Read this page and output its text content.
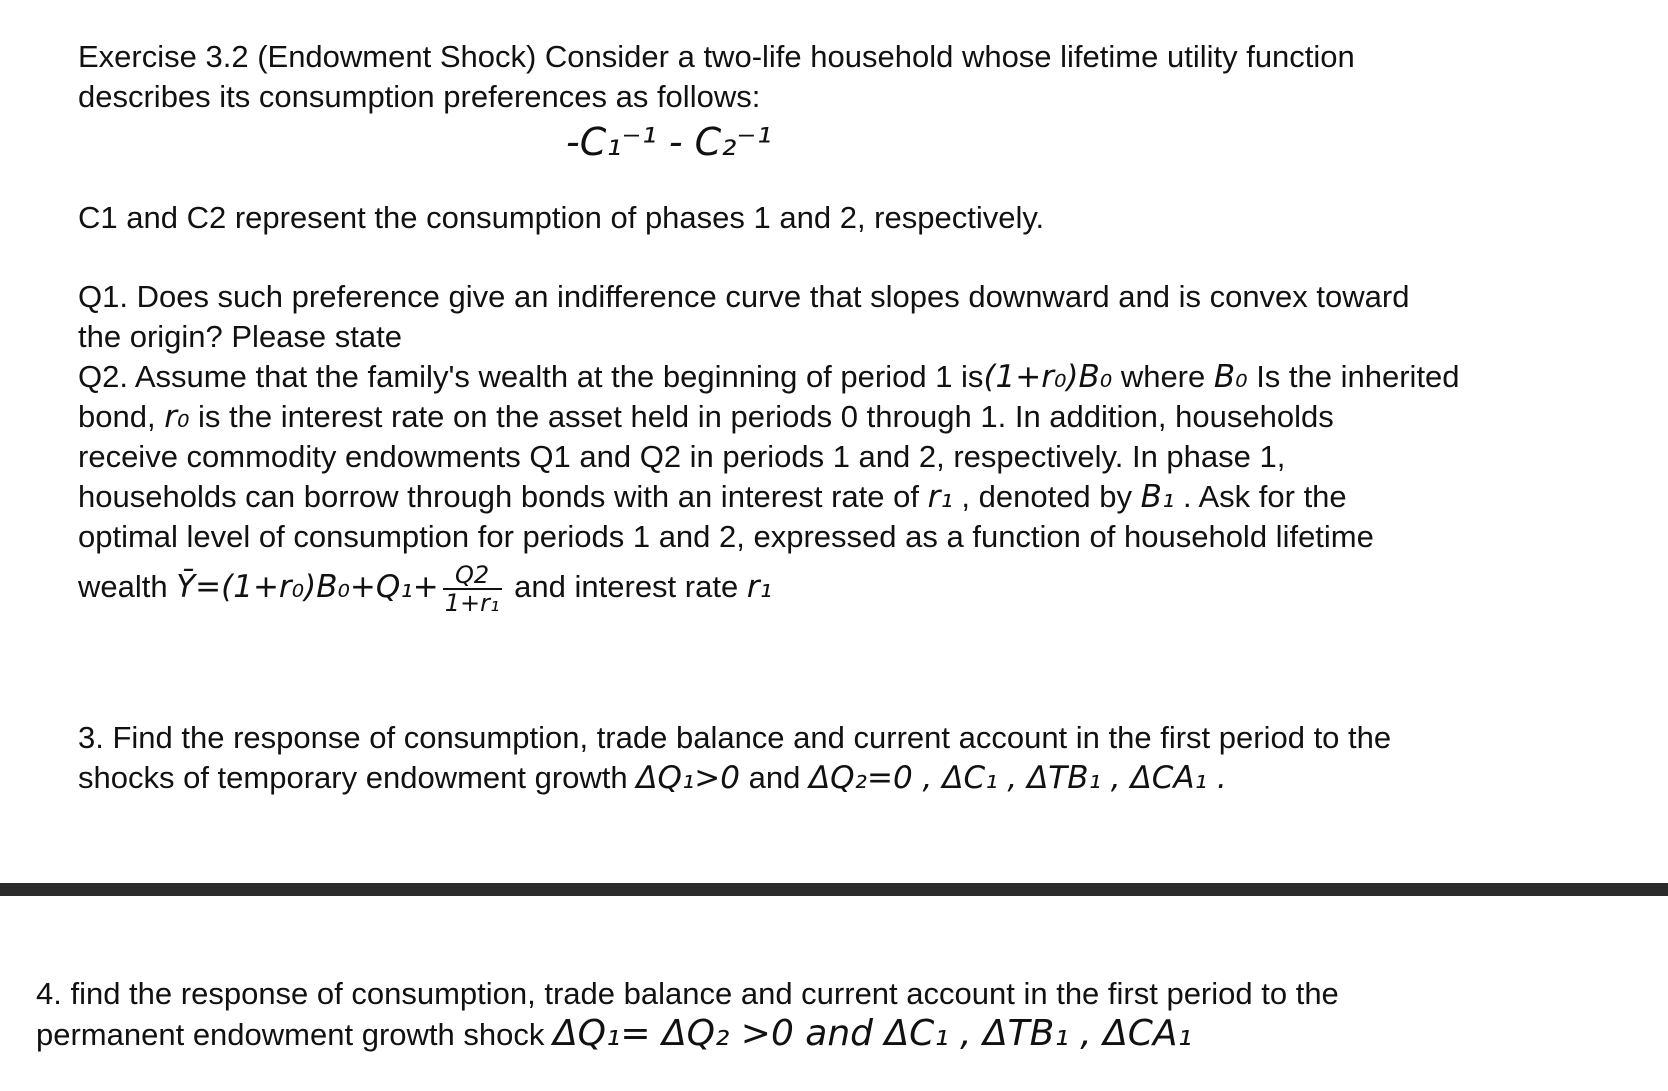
Exercise 3.2 (Endowment Shock) Consider a two-life household whose lifetime utility function

describes its consumption preferences as follows:

-C₁⁻¹ - C₂⁻¹

C1 and C2 represent the consumption of phases 1 and 2, respectively.

Q1. Does such preference give an indifference curve that slopes downward and is convex toward

the origin? Please state

Q2. Assume that the family's wealth at the beginning of period 1 is(1+r₀)B₀ where B₀ Is the inherited

bond, r₀ is the interest rate on the asset held in periods 0 through 1. In addition, households

receive commodity endowments Q1 and Q2 in periods 1 and 2, respectively. In phase 1,

households can borrow through bonds with an interest rate of r₁ , denoted by B₁ . Ask for the

optimal level of consumption for periods 1 and 2, expressed as a function of household lifetime

wealth Ȳ=(1+r₀)B₀+Q₁+ $\frac{Q2}{\text{1+r₁}}$ and interest rate r₁

3. Find the response of consumption, trade balance and current account in the first period to the

shocks of temporary endowment growth ΔQ₁>0 and ΔQ₂=0 , ΔC₁ , ΔTB₁ , ΔCA₁ .

4. find the response of consumption, trade balance and current account in the first period to the

permanent endowment growth shock ΔQ₁= ΔQ₂ >0 and ΔC₁ , ΔTB₁ , ΔCA₁
